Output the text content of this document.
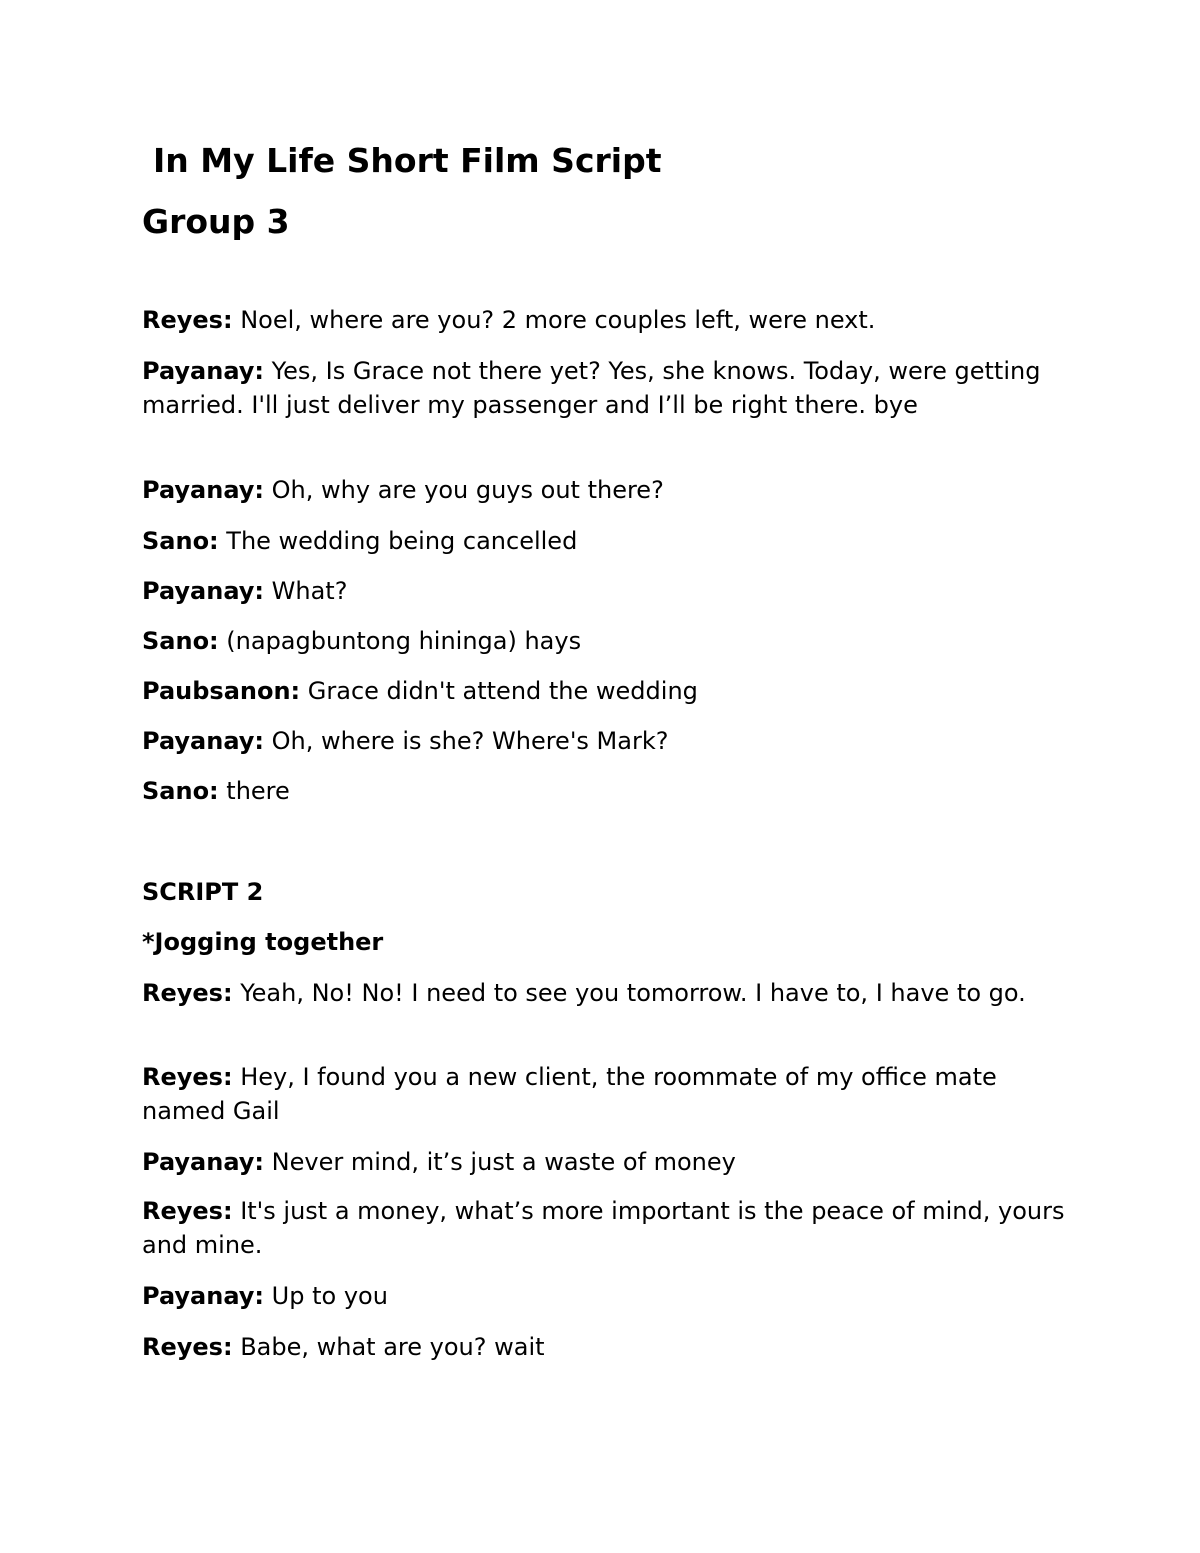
In My Life Short Film Script
Group 3

Reyes: Noel, where are you? 2 more couples left, were next.

Payanay: Yes, Is Grace not there yet? Yes, she knows. Today, were getting married. I'll just deliver my passenger and I’ll be right there. bye

Payanay: Oh, why are you guys out there?

Sano: The wedding being cancelled

Payanay: What?

Sano: (napagbuntong hininga) hays

Paubsanon: Grace didn't attend the wedding

Payanay: Oh, where is she? Where's Mark?

Sano: there

SCRIPT 2

*Jogging together

Reyes: Yeah, No! No! I need to see you tomorrow. I have to, I have to go.

Reyes: Hey, I found you a new client, the roommate of my office mate named Gail

Payanay: Never mind, it’s just a waste of money

Reyes: It's just a money, what’s more important is the peace of mind, yours and mine.

Payanay: Up to you

Reyes: Babe, what are you? wait
